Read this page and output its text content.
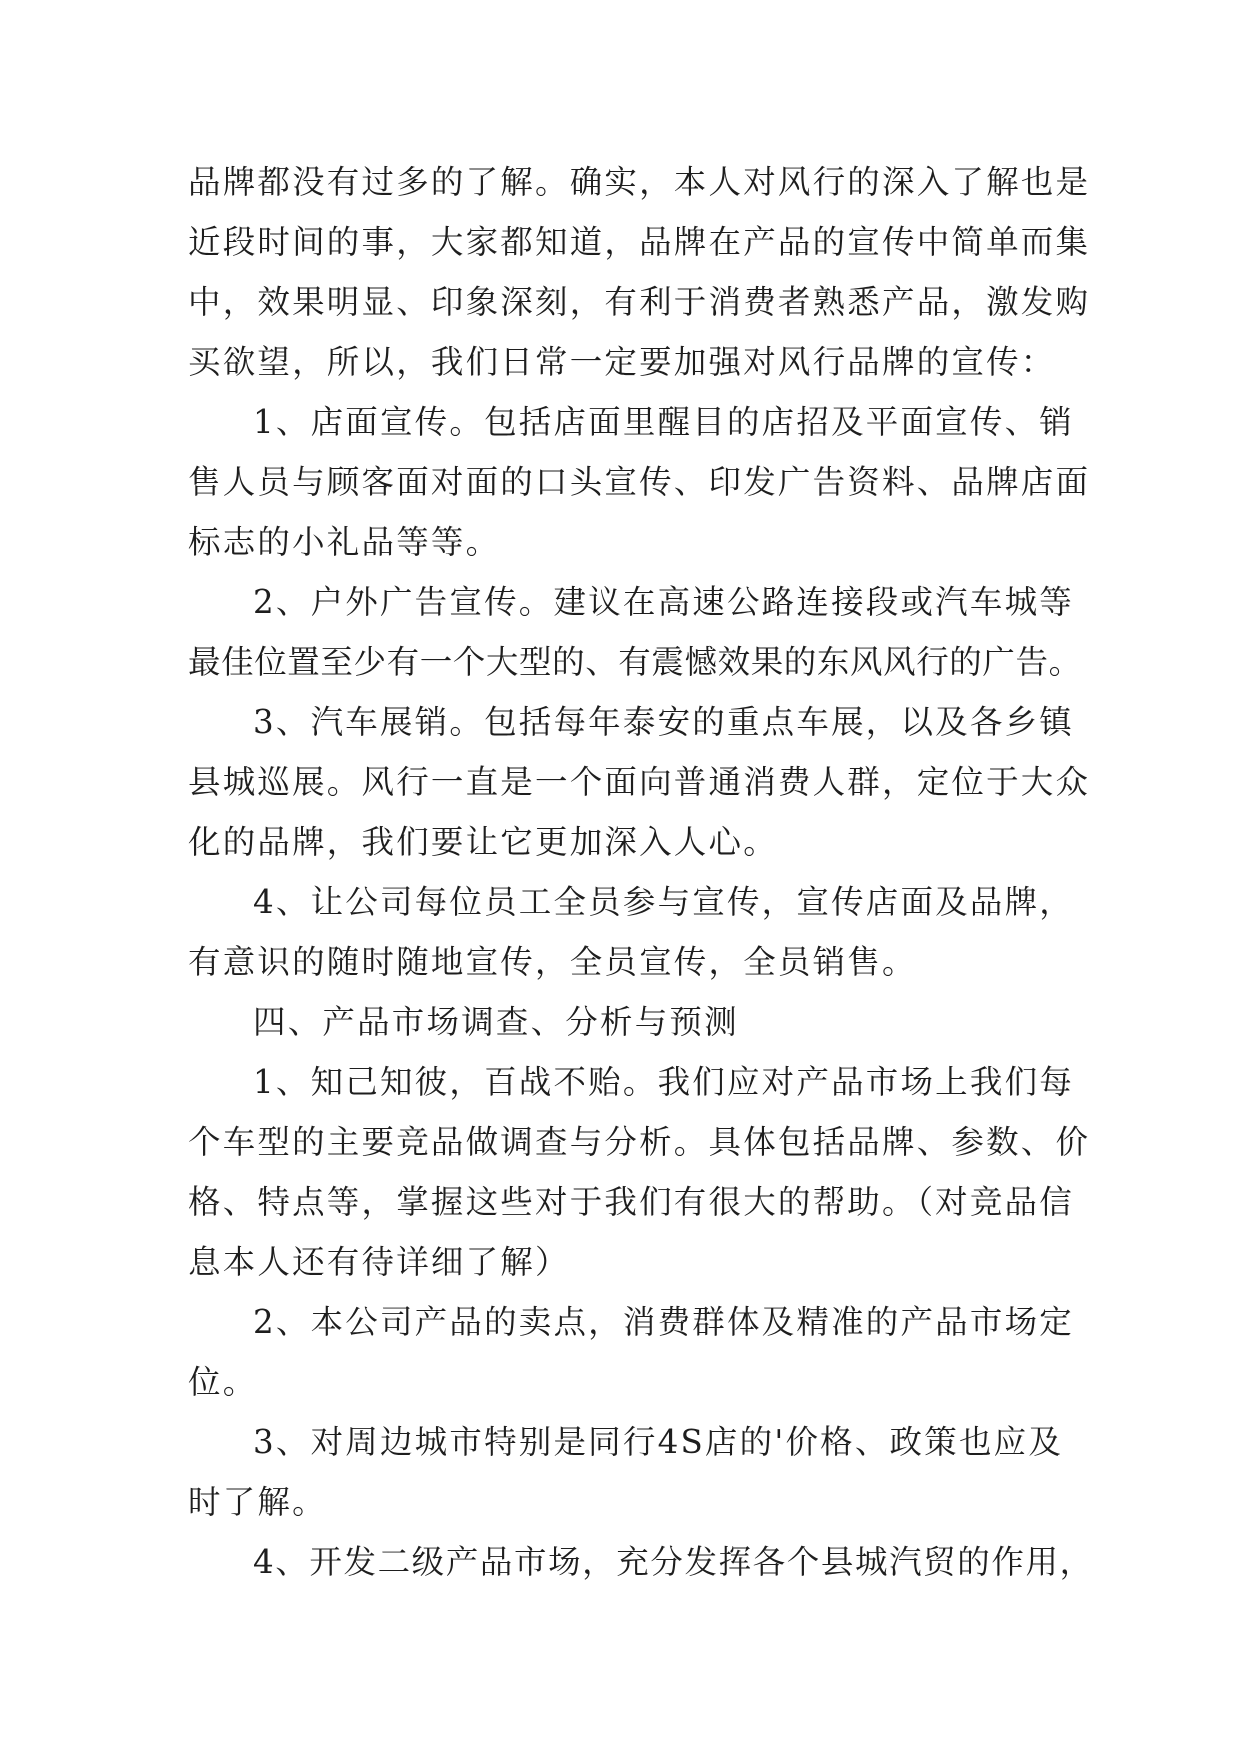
品牌都没有过多的了解。确实，本人对风行的深入了解也是
近段时间的事，大家都知道，品牌在产品的宣传中简单而集
中，效果明显、印象深刻，有利于消费者熟悉产品，激发购
买欲望，所以，我们日常一定要加强对风行品牌的宣传：
1、店面宣传。包括店面里醒目的店招及平面宣传、销
售人员与顾客面对面的口头宣传、印发广告资料、品牌店面
标志的小礼品等等。
2、户外广告宣传。建议在高速公路连接段或汽车城等
最佳位置至少有一个大型的、有震憾效果的东风风行的广告。
3、汽车展销。包括每年泰安的重点车展，以及各乡镇
县城巡展。风行一直是一个面向普通消费人群，定位于大众
化的品牌，我们要让它更加深入人心。
4、让公司每位员工全员参与宣传，宣传店面及品牌，
有意识的随时随地宣传，全员宣传，全员销售。
四、产品市场调查、分析与预测
1、知己知彼，百战不贻。我们应对产品市场上我们每
个车型的主要竞品做调查与分析。具体包括品牌、参数、价
格、特点等，掌握这些对于我们有很大的帮助。（对竞品信
息本人还有待详细了解）
2、本公司产品的卖点，消费群体及精准的产品市场定
位。
3、对周边城市特别是同行4S店的'价格、政策也应及
时了解。
4、开发二级产品市场，充分发挥各个县城汽贸的作用，
